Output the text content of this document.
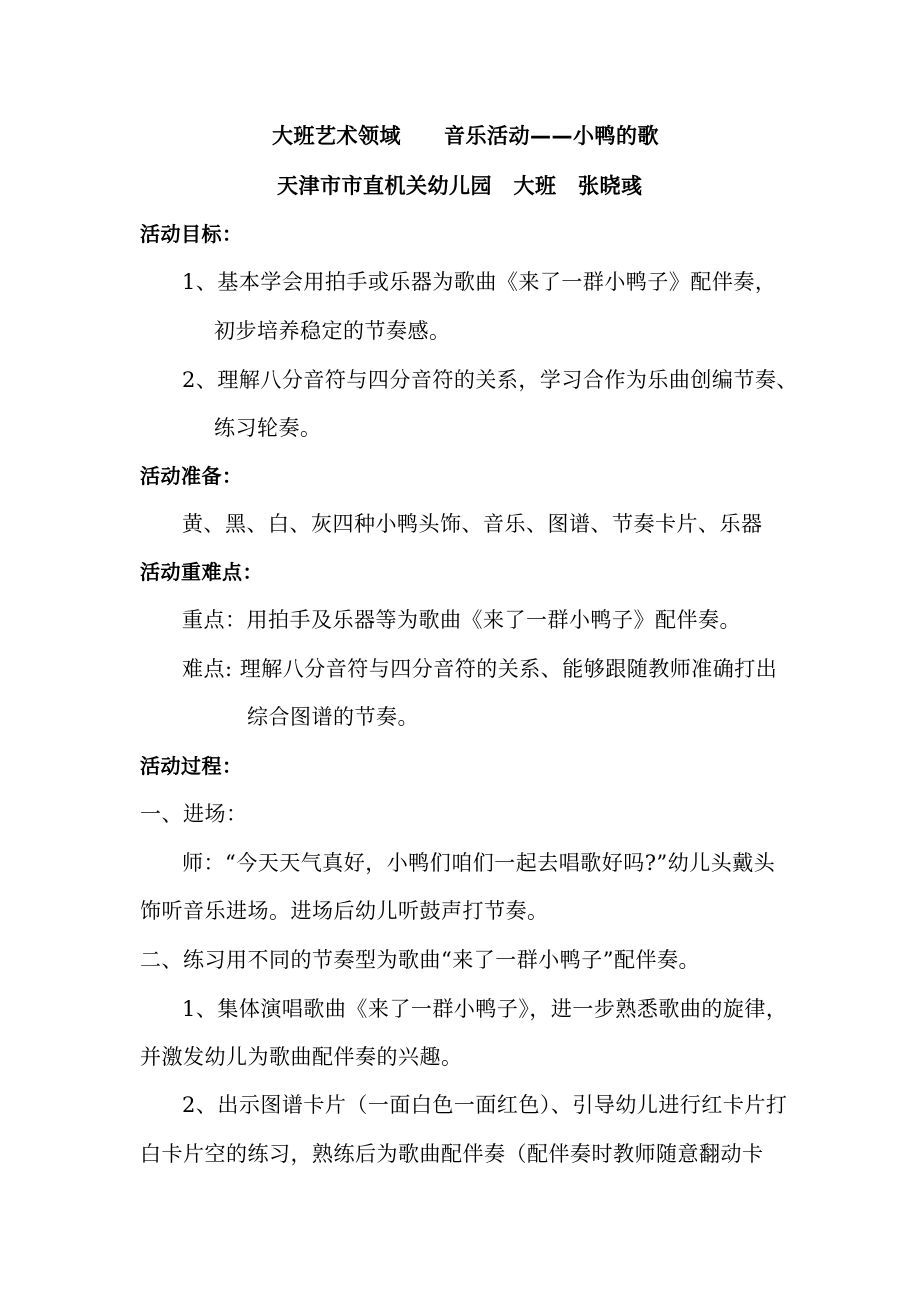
大班艺术领域　　音乐活动——小鸭的歌
天津市市直机关幼儿园　大班　张晓彧
活动目标：
1、基本学会用拍手或乐器为歌曲《来了一群小鸭子》配伴奏，
初步培养稳定的节奏感。
2、理解八分音符与四分音符的关系，学习合作为乐曲创编节奏、
练习轮奏。
活动准备：
黄、黑、白、灰四种小鸭头饰、音乐、图谱、节奏卡片、乐器
活动重难点：
重点：用拍手及乐器等为歌曲《来了一群小鸭子》配伴奏。
难点: 理解八分音符与四分音符的关系、能够跟随教师准确打出
综合图谱的节奏。
活动过程：
一、进场：
师：“今天天气真好，小鸭们咱们一起去唱歌好吗?”幼儿头戴头
饰听音乐进场。进场后幼儿听鼓声打节奏。
二、练习用不同的节奏型为歌曲“来了一群小鸭子”配伴奏。
1、集体演唱歌曲《来了一群小鸭子》，进一步熟悉歌曲的旋律，
并激发幼儿为歌曲配伴奏的兴趣。
2、出示图谱卡片（一面白色一面红色）、引导幼儿进行红卡片打
白卡片空的练习，熟练后为歌曲配伴奏（配伴奏时教师随意翻动卡
